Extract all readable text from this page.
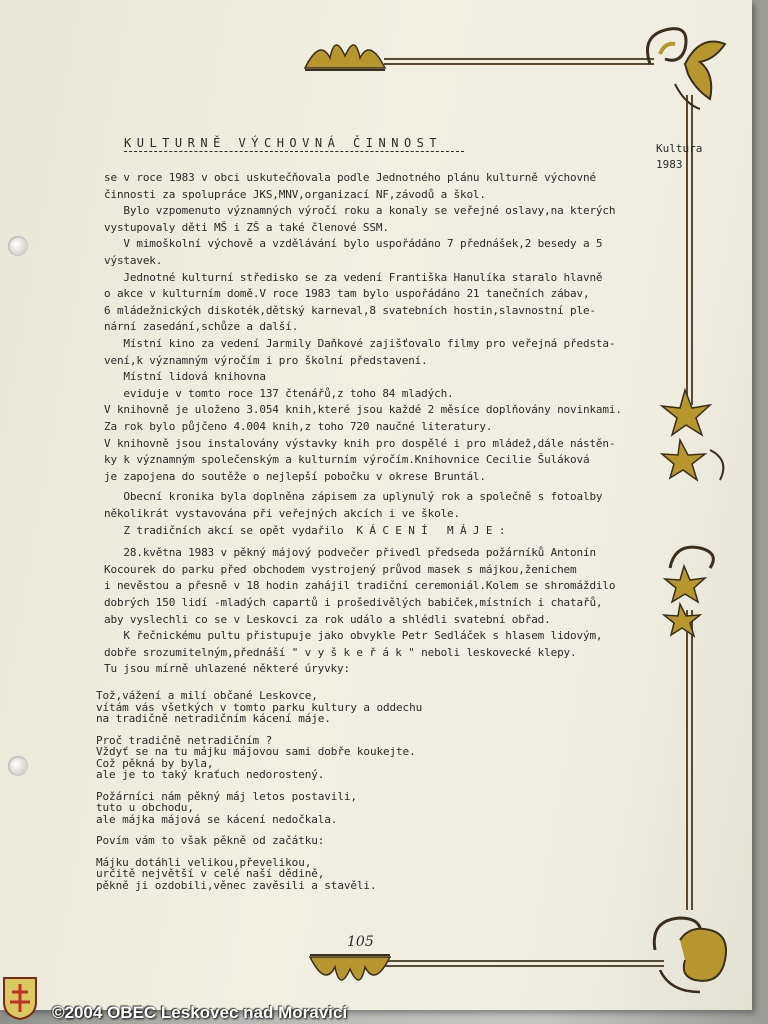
KULTURNĚ VÝCHOVNÁ ČINNOST	Kultura
1983
se v roce 1983 v obci uskutečňovala podle Jednotného plánu kulturně výchovné
činnosti za spolupráce JKS,MNV,organizací NF,závodů a škol.
Bylo vzpomenuto významných výročí roku a konaly se veřejné oslavy,na kterých
vystupovaly děti MŠ i ZŠ a také členové SSM.
V mimoškolní výchově a vzdělávání bylo uspořádáno 7 přednášek,2 besedy a 5
výstavek.
Jednotné kulturní středisko se za vedení Františka Hanulíka staralo hlavně
o akce v kulturním domě.V roce 1983 tam bylo uspořádáno 21 tanečních zábav,
6 mládežnických diskoték,dětský karneval,8 svatebních hostin,slavnostní ple-
nární zasedání,schůze a další.
Místní kino za vedení Jarmily Daňkové zajišťovalo filmy pro veřejná předsta-
vení,k významným výročím i pro školní představení.
Místní lidová knihovna
evidujе v tomto roce 137 čtenářů,z toho 84 mladých.
V knihovně je uloženo 3.054 knih,které jsou každé 2 měsíce doplňovány novinkami.
Za rok bylo půjčeno 4.004 knih,z toho 720 naučné literatury.
V knihovně jsou instalovány výstavky knih pro dospělé i pro mládež,dále nástěn-
ky k významným společenským a kulturním výročím.Knihovnice Cecilie Šuláková
je zapojena do soutěže o nejlepší pobočku v okrese Bruntál.
Obecní kronika byla doplněna zápisem za uplynulý rok a společně s fotoalby
několikrát vystavována při veřejných akcích i ve škole.
Z tradičních akcí se opět vydařilo  K Á C E N Í   M Á J E :
28.května 1983 v pěkný májový podvečer přivedl předseda požárníků Antonín
Kocourek do parku před obchodem vystrojený průvod masek s májkou,ženichem
i nevěstou a přesně v 18 hodin zahájil tradiční ceremoniál.Kolem se shromáždilo
dobrých 150 lidí -mladých capartů i prošedivělých babiček,místních i chatařů,
aby vyslechli co se v Leskovci za rok událo a shlédli svatební obřad.
K řečnickému pultu přistupuje jako obvykle Petr Sedláček s hlasem lidovým,
dobře srozumitelným,přednáší " v y š k e ř á k " neboli leskovecké klepy.
Tu jsou mírně uhlazené některé úryvky:
Tož,vážení a milí občané Leskovce,
vítám vás všetkých v tomto parku kultury a oddechu
na tradičně netradičním kácení máje.
Proč tradičně netradičním ?
Vždyť se na tu májku májovou sami dobře koukejte.
Což pěkná by byla,
ale je to taký kraťuch nedorostený.
Požárníci nám pěkný máj letos postavili,
tuto u obchodu,
ale májka májová se kácení nedočkala.
Povím vám to však pěkně od začátku:
Májku dotáhli velikou,převelikou,
určitě největší v celé naší dědině,
pěkně ji ozdobili,věnec zavěsili a stavěli.
105
©2004 OBEC Leskovec nad Moravicí
